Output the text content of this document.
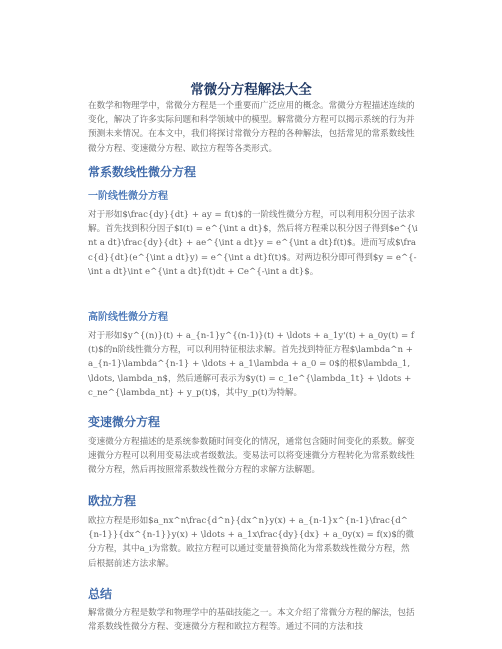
常微分方程解法大全

在数学和物理学中，常微分方程是一个重要而广泛应用的概念。常微分方程描述连续的变化，解决了许多实际问题和科学领域中的模型。解常微分方程可以揭示系统的行为并预测未来情况。在本文中，我们将探讨常微分方程的各种解法，包括常见的常系数线性微分方程、变速微分方程、欧拉方程等各类形式。

常系数线性微分方程
一阶线性微分方程

对于形如$\frac{dy}{dt} + ay = f(t)$的一阶线性微分方程，可以利用积分因子法求解。首先找到积分因子$I(t) = e^{\int a dt}$，然后将方程乘以积分因子得到$e^{\int a dt}\frac{dy}{dt} + ae^{\int a dt}y = e^{\int a dt}f(t)$。进而写成$\frac{d}{dt}(e^{\int a dt}y) = e^{\int a dt}f(t)$。对两边积分即可得到$y = e^{-\int a dt}\int e^{\int a dt}f(t)dt + Ce^{-\int a dt}$。

高阶线性微分方程

对于形如$y^{(n)}(t) + a_{n-1}y^{(n-1)}(t) + \ldots + a_1y'(t) + a_0y(t) = f(t)$的n阶线性微分方程，可以利用特征根法求解。首先找到特征方程$\lambda^n + a_{n-1}\lambda^{n-1} + \ldots + a_1\lambda + a_0 = 0$的根$\lambda_1, \ldots, \lambda_n$，然后通解可表示为$y(t) = c_1e^{\lambda_1t} + \ldots + c_ne^{\lambda_nt} + y_p(t)$，其中y_p(t)为特解。

变速微分方程

变速微分方程描述的是系统参数随时间变化的情况，通常包含随时间变化的系数。解变速微分方程可以利用变易法或者级数法。变易法可以将变速微分方程转化为常系数线性微分方程，然后再按照常系数线性微分方程的求解方法解题。

欧拉方程

欧拉方程是形如$a_nx^n\frac{d^n}{dx^n}y(x) + a_{n-1}x^{n-1}\frac{d^{n-1}}{dx^{n-1}}y(x) + \ldots + a_1x\frac{dy}{dx} + a_0y(x) = f(x)$的微分方程，其中a_i为常数。欧拉方程可以通过变量替换简化为常系数线性微分方程，然后根据前述方法求解。

总结

解常微分方程是数学和物理学中的基础技能之一。本文介绍了常微分方程的解法，包括常系数线性微分方程、变速微分方程和欧拉方程等。通过不同的方法和技
